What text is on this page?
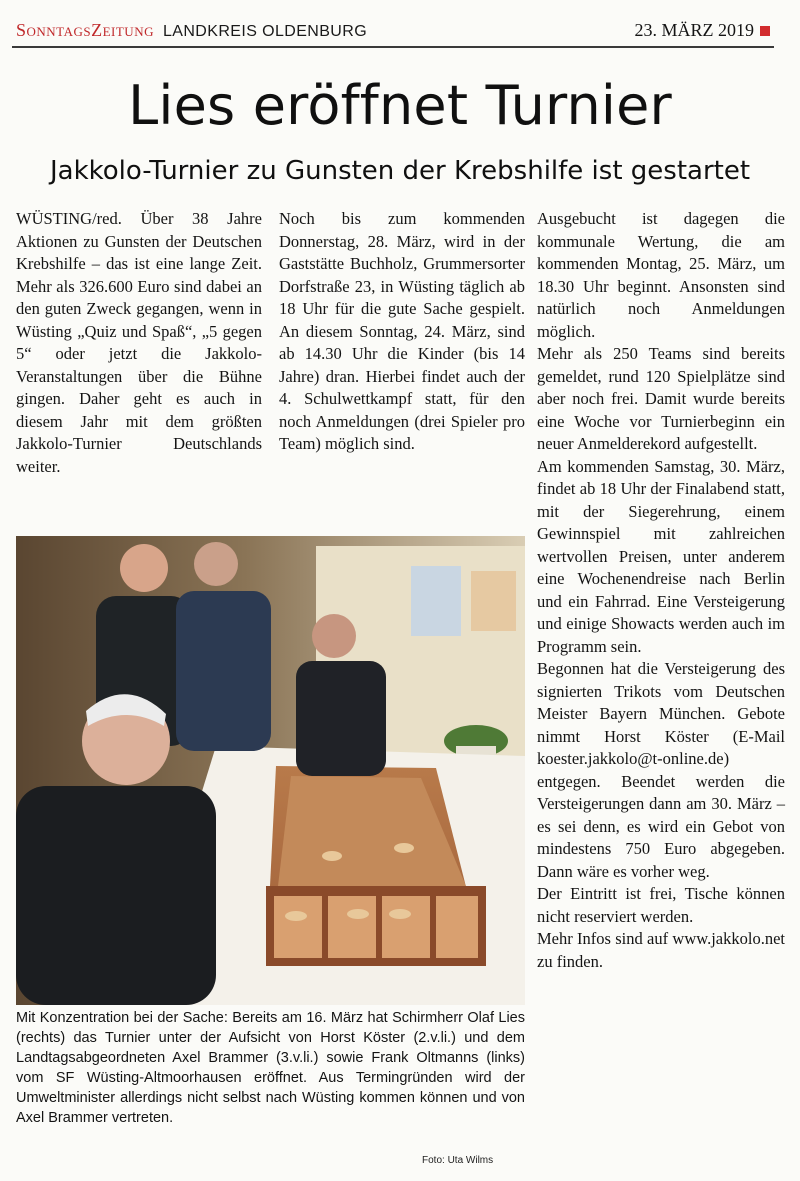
SonntagsZeitung LANDKREIS OLDENBURG	23. MÄRZ 2019
Lies eröffnet Turnier
Jakkolo-Turnier zu Gunsten der Krebshilfe ist gestartet

WÜSTING/red. Über 38 Jahre Aktionen zu Gunsten der Deutschen Krebshilfe – das ist eine lange Zeit. Mehr als 326.600 Euro sind dabei an den guten Zweck gegangen, wenn in Wüsting „Quiz und Spaß“, „5 gegen 5“ oder jetzt die Jakkolo-Veranstaltungen über die Bühne gingen. Daher geht es auch in diesem Jahr mit dem größten Jakkolo-Turnier Deutschlands weiter.

Noch bis zum kommenden Donnerstag, 28. März, wird in der Gaststätte Buchholz, Grummersorter Dorfstraße 23, in Wüsting täglich ab 18 Uhr für die gute Sache gespielt. An diesem Sonntag, 24. März, sind ab 14.30 Uhr die Kinder (bis 14 Jahre) dran. Hierbei findet auch der 4. Schulwettkampf statt, für den noch Anmeldungen (drei Spieler pro Team) möglich sind.

Ausgebucht ist dagegen die kommunale Wertung, die am kommenden Montag, 25. März, um 18.30 Uhr beginnt. Ansonsten sind natürlich noch Anmeldungen möglich.

Mehr als 250 Teams sind bereits gemeldet, rund 120 Spielplätze sind aber noch frei. Damit wurde bereits eine Woche vor Turnierbeginn ein neuer Anmelderekord aufgestellt.

Am kommenden Samstag, 30. März, findet ab 18 Uhr der Finalabend statt, mit der Siegerehrung, einem Gewinnspiel mit zahlreichen wertvollen Preisen, unter anderem eine Wochenendreise nach Berlin und ein Fahrrad. Eine Versteigerung und einige Showacts werden auch im Programm sein.

Begonnen hat die Versteigerung des signierten Trikots vom Deutschen Meister Bayern München. Gebote nimmt Horst Köster (E-Mail koester.jakkolo@t-online.de) entgegen. Beendet werden die Versteigerungen dann am 30. März – es sei denn, es wird ein Gebot von mindestens 750 Euro abgegeben. Dann wäre es vorher weg.

Der Eintritt ist frei, Tische können nicht reserviert werden.

Mehr Infos sind auf www.jakkolo.net zu finden.

Mit Konzentration bei der Sache: Bereits am 16. März hat Schirmherr Olaf Lies (rechts) das Turnier unter der Aufsicht von Horst Köster (2.v.li.) und dem Landtagsabgeordneten Axel Brammer (3.v.li.) sowie Frank Oltmanns (links) vom SF Wüsting-Altmoorhausen eröffnet. Aus Termingründen wird der Umweltminister allerdings nicht selbst nach Wüsting kommen können und von Axel Brammer vertreten.
Foto: Uta Wilms
